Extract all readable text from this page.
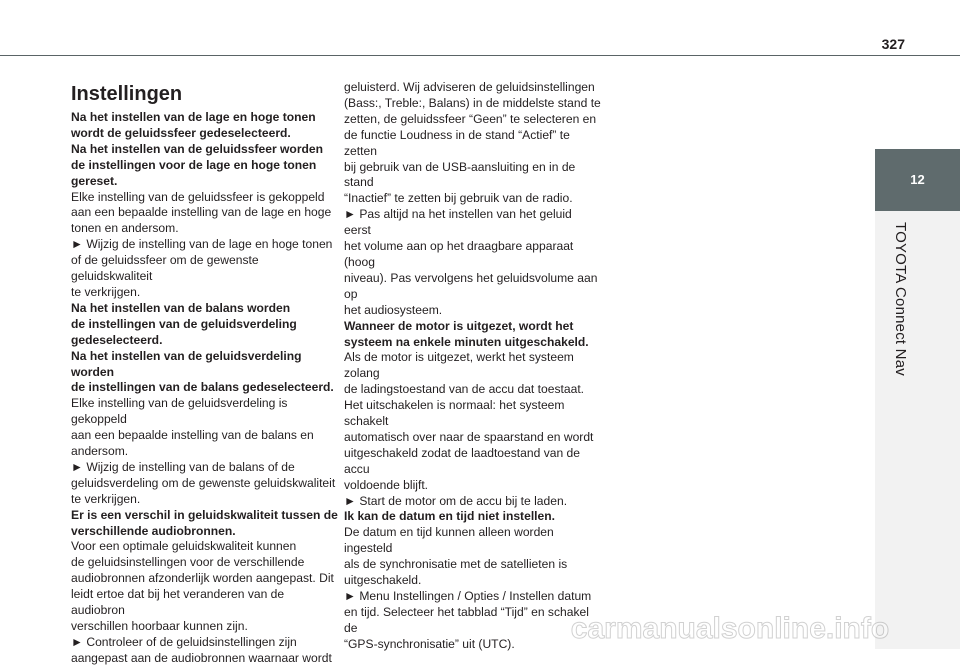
327
12
TOYOTA Connect Nav
Instellingen
Na het instellen van de lage en hoge tonen
wordt de geluidssfeer gedeselecteerd.
Na het instellen van de geluidssfeer worden
de instellingen voor de lage en hoge tonen
gereset.
Elke instelling van de geluidssfeer is gekoppeld
aan een bepaalde instelling van de lage en hoge
tonen en andersom.
► Wijzig de instelling van de lage en hoge tonen
of de geluidssfeer om de gewenste geluidskwaliteit
te verkrijgen.
Na het instellen van de balans worden
de instellingen van de geluidsverdeling
gedeselecteerd.
Na het instellen van de geluidsverdeling worden
de instellingen van de balans gedeselecteerd.
Elke instelling van de geluidsverdeling is gekoppeld
aan een bepaalde instelling van de balans en
andersom.
► Wijzig de instelling van de balans of de
geluidsverdeling om de gewenste geluidskwaliteit
te verkrijgen.
Er is een verschil in geluidskwaliteit tussen de
verschillende audiobronnen.
Voor een optimale geluidskwaliteit kunnen
de geluidsinstellingen voor de verschillende
audiobronnen afzonderlijk worden aangepast. Dit
leidt ertoe dat bij het veranderen van de audiobron
verschillen hoorbaar kunnen zijn.
► Controleer of de geluidsinstellingen zijn
aangepast aan de audiobronnen waarnaar wordt
geluisterd. Wij adviseren de geluidsinstellingen
(Bass:, Treble:, Balans) in de middelste stand te
zetten, de geluidssfeer “Geen” te selecteren en
de functie Loudness in de stand “Actief” te zetten
bij gebruik van de USB-aansluiting en in de stand
“Inactief” te zetten bij gebruik van de radio.
► Pas altijd na het instellen van het geluid eerst
het volume aan op het draagbare apparaat (hoog
niveau). Pas vervolgens het geluidsvolume aan op
het audiosysteem.
Wanneer de motor is uitgezet, wordt het
systeem na enkele minuten uitgeschakeld.
Als de motor is uitgezet, werkt het systeem zolang
de ladingstoestand van de accu dat toestaat.
Het uitschakelen is normaal: het systeem schakelt
automatisch over naar de spaarstand en wordt
uitgeschakeld zodat de laadtoestand van de accu
voldoende blijft.
► Start de motor om de accu bij te laden.
Ik kan de datum en tijd niet instellen.
De datum en tijd kunnen alleen worden ingesteld
als de synchronisatie met de satellieten is
uitgeschakeld.
► Menu Instellingen / Opties / Instellen datum
en tijd. Selecteer het tabblad “Tijd” en schakel de
“GPS-synchronisatie” uit (UTC).	carmanualsonline.info
